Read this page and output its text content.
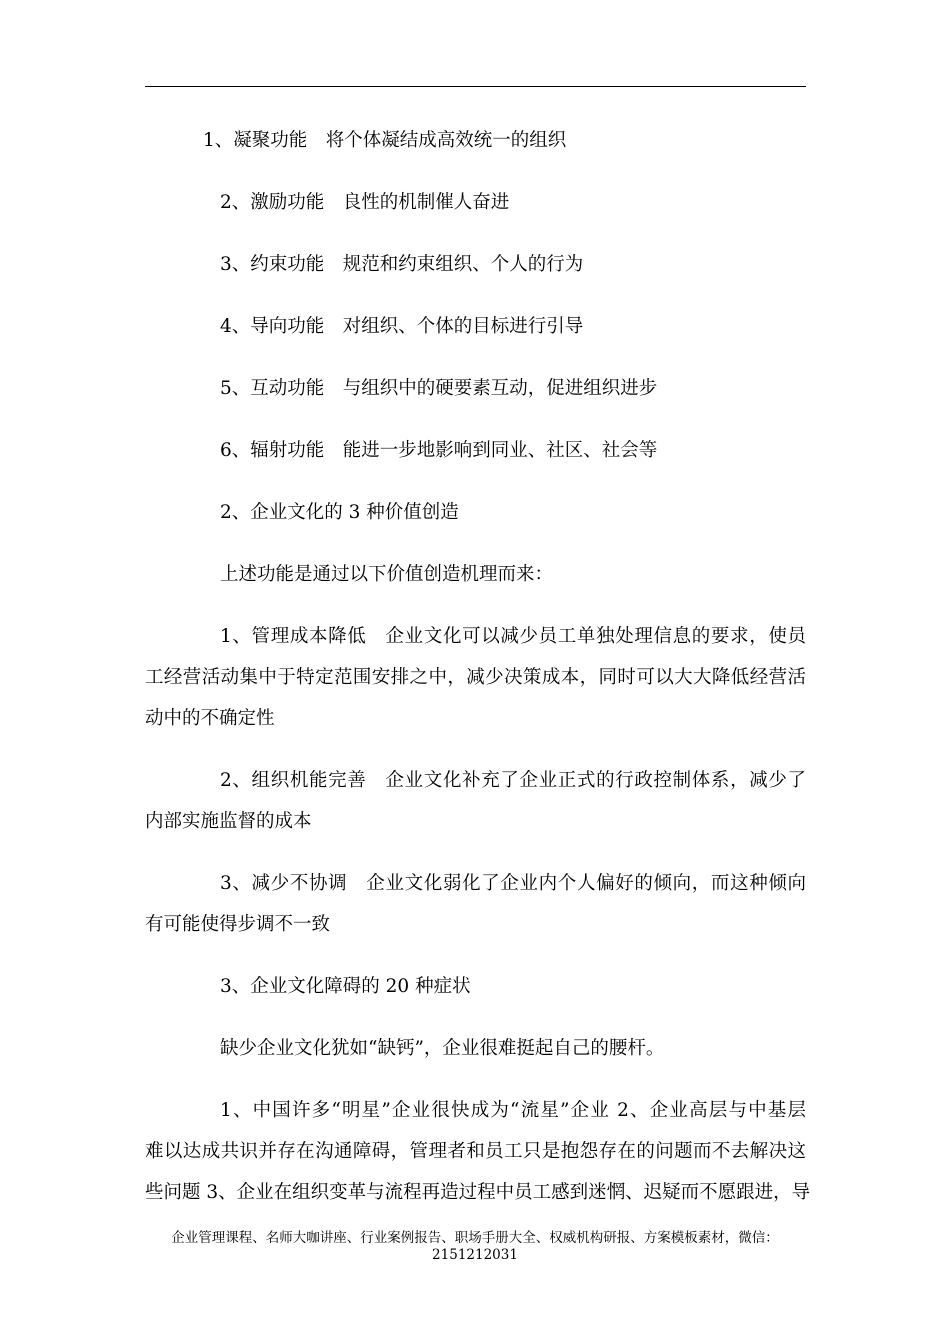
1、凝聚功能　将个体凝结成高效统一的组织
2、激励功能　良性的机制催人奋进
3、约束功能　规范和约束组织、个人的行为
4、导向功能　对组织、个体的目标进行引导
5、互动功能　与组织中的硬要素互动，促进组织进步
6、辐射功能　能进一步地影响到同业、社区、社会等
2、企业文化的 3 种价值创造
上述功能是通过以下价值创造机理而来：
1、管理成本降低　企业文化可以减少员工单独处理信息的要求，使员
工经营活动集中于特定范围安排之中，减少决策成本，同时可以大大降低经营活
动中的不确定性
2、组织机能完善　企业文化补充了企业正式的行政控制体系，减少了
内部实施监督的成本
3、减少不协调　企业文化弱化了企业内个人偏好的倾向，而这种倾向
有可能使得步调不一致
3、企业文化障碍的 20 种症状
缺少企业文化犹如“缺钙”，企业很难挺起自己的腰杆。
1、中国许多“明星”企业很快成为“流星”企业 2、企业高层与中基层
难以达成共识并存在沟通障碍，管理者和员工只是抱怨存在的问题而不去解决这
些问题 3、企业在组织变革与流程再造过程中员工感到迷惘、迟疑而不愿跟进，导
企业管理课程、名师大咖讲座、行业案例报告、职场手册大全、权威机构研报、方案模板素材，微信：
2151212031
